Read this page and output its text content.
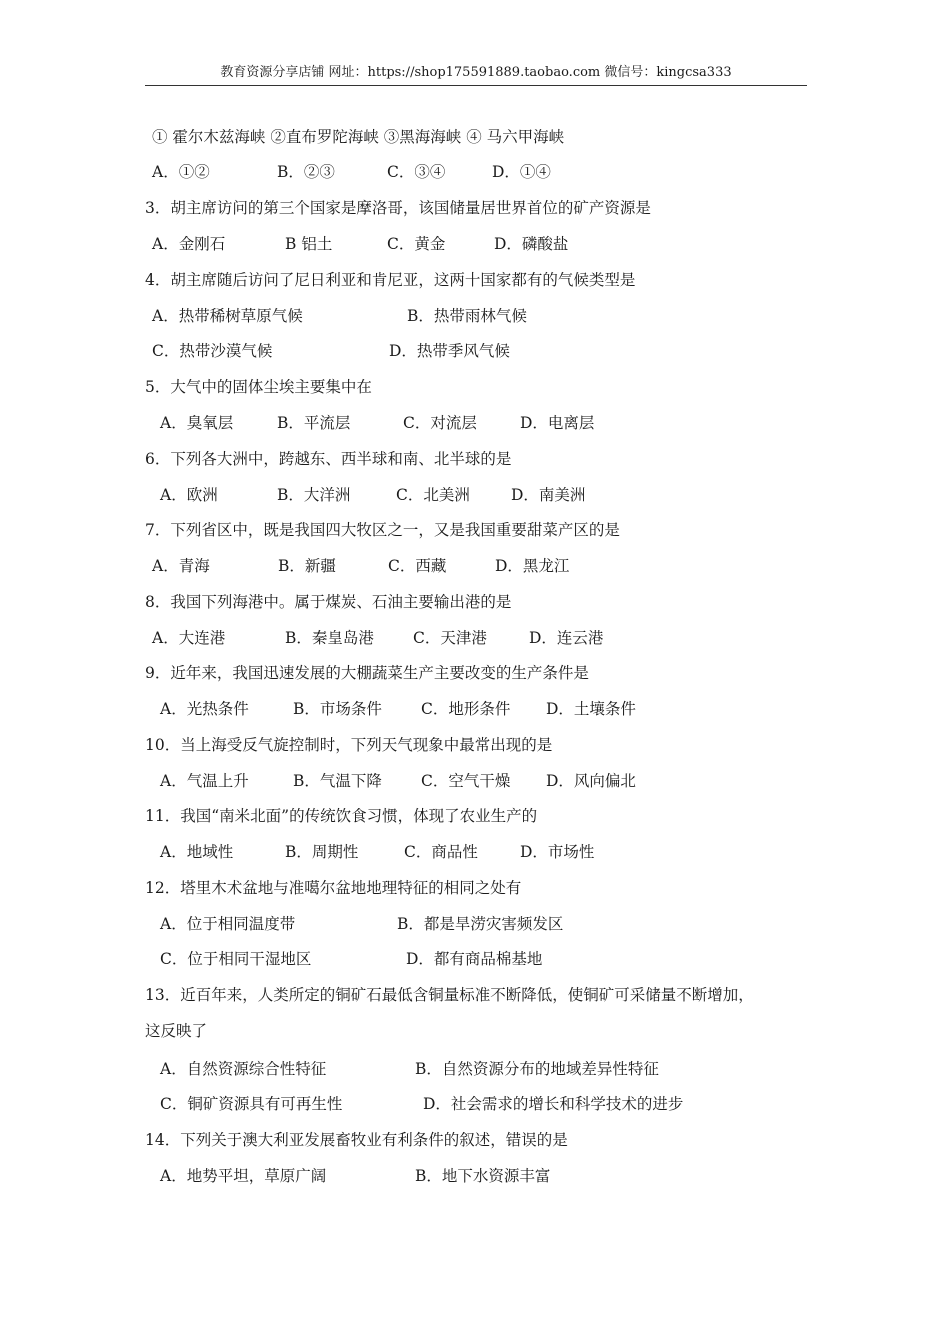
教育资源分享店铺 网址：https://shop175591889.taobao.com 微信号：kingcsa333
① 霍尔木兹海峡 ②直布罗陀海峡 ③黑海海峡 ④ 马六甲海峡
A．①②	B．②③	C．③④	D．①④
3．胡主席访问的第三个国家是摩洛哥，该国储量居世界首位的矿产资源是
A．金刚石	B 铝土	C．黄金	D．磷酸盐
4．胡主席随后访问了尼日利亚和肯尼亚，这两十国家都有的气候类型是
A．热带稀树草原气候	B．热带雨林气候
C．热带沙漠气候	D．热带季风气候
5．大气中的固体尘埃主要集中在
A．臭氧层	B．平流层	C．对流层	D．电离层
6．下列各大洲中，跨越东、西半球和南、北半球的是
A．欧洲	B．大洋洲	C．北美洲	D．南美洲
7．下列省区中，既是我国四大牧区之一，又是我国重要甜菜产区的是
A．青海	B．新疆	C．西藏	D．黑龙江
8．我国下列海港中。属于煤炭、石油主要输出港的是
A．大连港	B．秦皇岛港	C．天津港	D．连云港
9．近年来，我国迅速发展的大棚蔬菜生产主要改变的生产条件是
A．光热条件	B．市场条件	C．地形条件 D．土壤条件
10．当上海受反气旋控制时，下列天气现象中最常出现的是
A．气温上升	B．气温下降	C．空气干燥 D．风向偏北
11．我国“南米北面”的传统饮食习惯，体现了农业生产的
A．地域性	B．周期性	C．商品性	D．市场性
12．塔里木术盆地与准噶尔盆地地理特征的相同之处有
A．位于相同温度带	B．都是旱涝灾害频发区
C．位于相同干湿地区	D．都有商品棉基地
13．近百年来，人类所定的铜矿石最低含铜量标准不断降低，使铜矿可采储量不断增加，
这反映了
A．自然资源综合性特征	B．自然资源分布的地域差异性特征
C．铜矿资源具有可再生性	D．社会需求的增长和科学技术的进步
14．下列关于澳大利亚发展畜牧业有利条件的叙述，错误的是
A．地势平坦，草原广阔	B．地下水资源丰富
